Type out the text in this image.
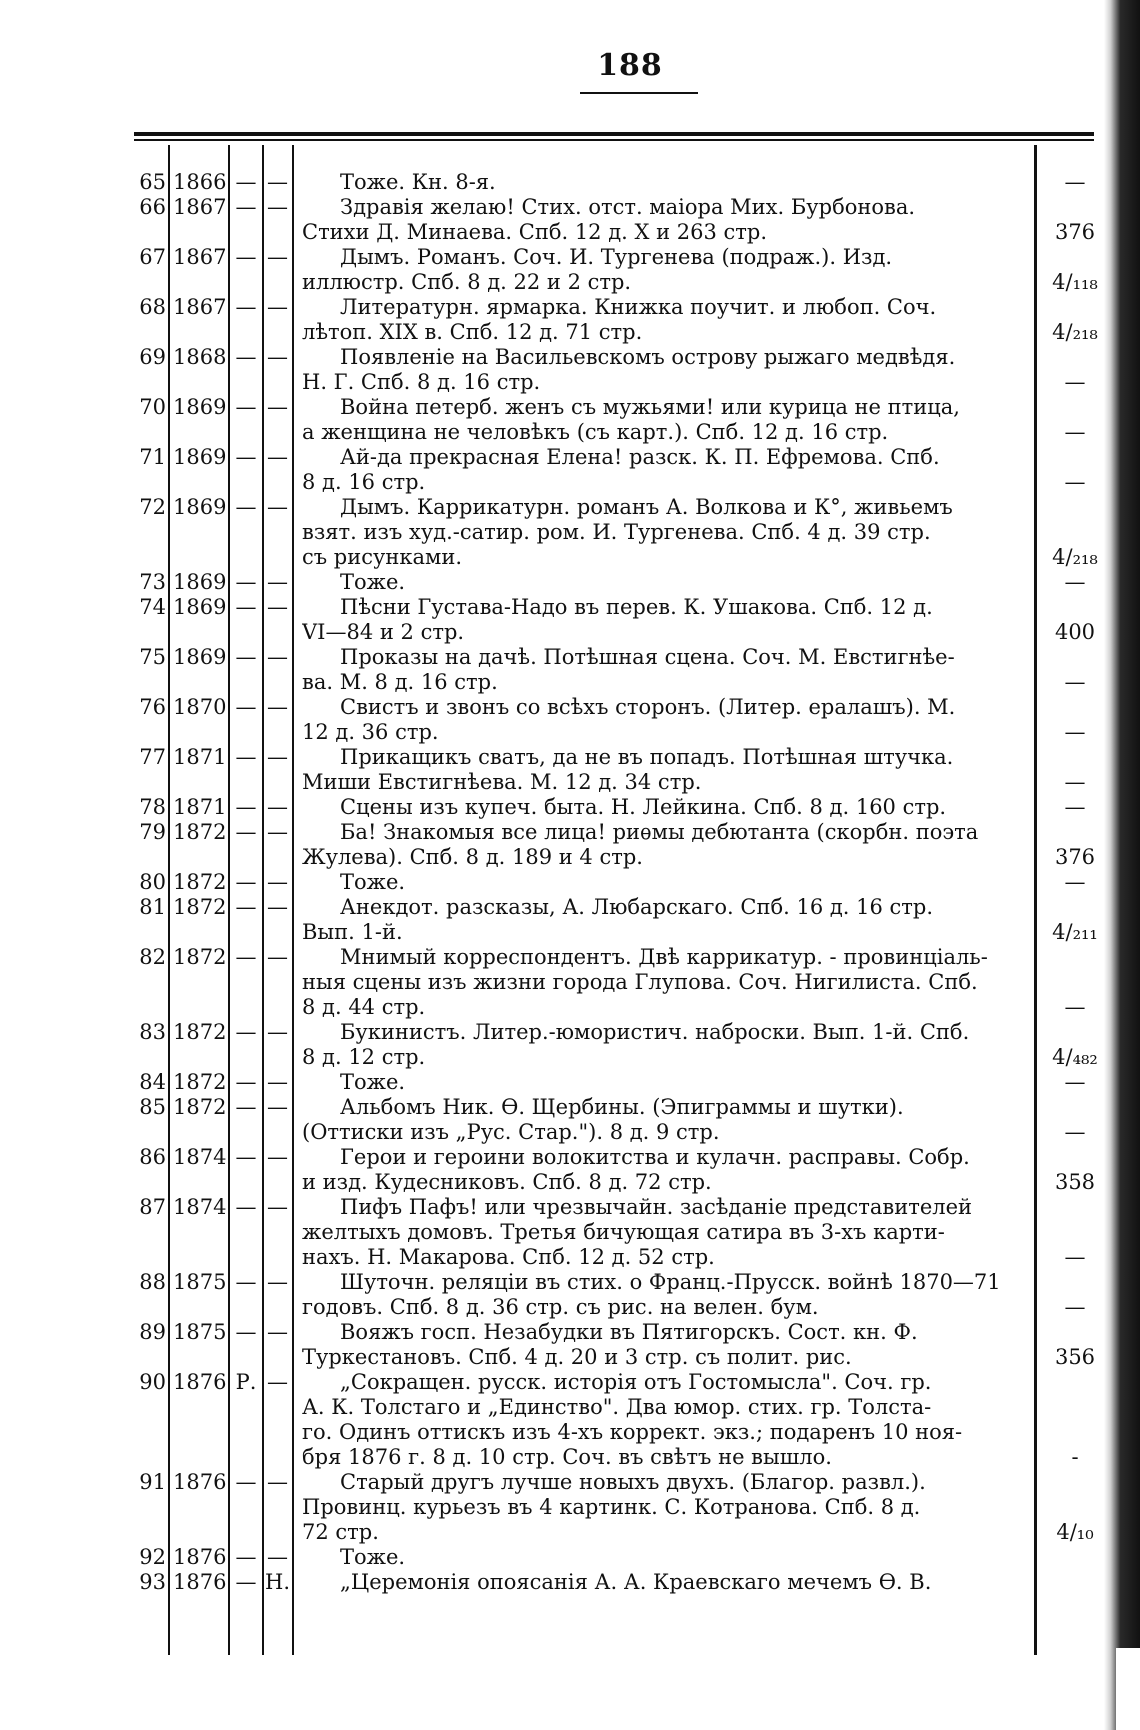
188
65 1866 — —	Тоже. Кн. 8-я.	—
66 1867 — —	Здравія желаю! Стих. отст. маіора Мих. Бурбонова.
Стихи Д. Минаева. Спб. 12 д. X и 263 стр.	376
67 1867 — —	Дымъ. Романъ. Соч. И. Тургенева (подраж.). Изд.
иллюстр. Спб. 8 д. 22 и 2 стр.	4/₁₁₈
68 1867 — —	Литературн. ярмарка. Книжка поучит. и любоп. Соч.
лѣтоп. XIX в. Спб. 12 д. 71 стр.	4/₂₁₈
69 1868 — —	Появленіе на Васильевскомъ островy рыжаго медвѣдя.
Н. Г. Спб. 8 д. 16 стр.	—
70 1869 — —	Война петерб. женъ съ мужьями! или курица не птица,
а женщина не человѣкъ (съ карт.). Спб. 12 д. 16 стр.	—
71 1869 — —	Ай-да прекрасная Елена! разск. К. П. Ефремова. Спб.
8 д. 16 стр.	—
72 1869 — —	Дымъ. Каррикатурн. романъ А. Волкова и К°, живьемъ
взят. изъ худ.-сатир. ром. И. Тургенева. Спб. 4 д. 39 стр.
съ рисунками.	4/₂₁₈
73 1869 — —	Тоже.	—
74 1869 — —	Пѣсни Густава-Надо въ перев. К. Ушакова. Спб. 12 д.
VI—84 и 2 стр.	400
75 1869 — —	Проказы на дачѣ. Потѣшная сцена. Соч. М. Евстигнѣе-
ва. М. 8 д. 16 стр.	—
76 1870 — —	Свистъ и звонъ со всѣхъ сторонъ. (Литер. ералашъ). М.
12 д. 36 стр.	—
77 1871 — —	Прикащикъ сватъ, да не въ попадъ. Потѣшная штучка.
Миши Евстигнѣева. М. 12 д. 34 стр.	—
78 1871 — —	Сцены изъ купеч. быта. Н. Лейкина. Спб. 8 д. 160 стр.	—
79 1872 — —	Ба! Знакомыя все лица! риѳмы дебютанта (скорбн. поэта
Жулева). Спб. 8 д. 189 и 4 стр.	376
80 1872 — —	Тоже.	—
81 1872 — —	Анекдот. разсказы, А. Любарскаго. Спб. 16 д. 16 стр.
Вып. 1-й.	4/₂₁₁
82 1872 — —	Мнимый корреспондентъ. Двѣ каррикатур. - провинціаль-
ныя сцены изъ жизни города Глупова. Соч. Нигилиста. Спб.
8 д. 44 стр.	—
83 1872 — —	Букинистъ. Литер.-юмористич. наброски. Вып. 1-й. Спб.
8 д. 12 стр.	4/₄₈₂
84 1872 — —	Тоже.	—
85 1872 — —	Альбомъ Ник. Ѳ. Щербины. (Эпиграммы и шутки).
(Оттиски изъ „Рус. Стар."). 8 д. 9 стр.	—
86 1874 — —	Герои и героини волокитства и кулачн. расправы. Собр.
и изд. Кудесниковъ. Спб. 8 д. 72 стр.	358
87 1874 — —	Пифъ Пафъ! или чрезвычайн. засѣданіе представителей
желтыхъ домовъ. Третья бичующая сатира въ 3-хъ карти-
нахъ. Н. Макарова. Спб. 12 д. 52 стр.	—
88 1875 — —	Шуточн. реляціи въ стих. о Франц.-Прусск. войнѣ 1870—71
годовъ. Спб. 8 д. 36 стр. съ рис. на велен. бум.	—
89 1875 — —	Вояжъ госп. Незабудки въ Пятигорскъ. Сост. кн. Ф.
Туркестановъ. Спб. 4 д. 20 и 3 стр. съ полит. рис.	356
90 1876 Р. —	„Сокращен. русск. исторія отъ Гостомысла". Соч. гр.
А. К. Толстаго и „Единство". Два юмор. стих. гр. Толста-
го. Одинъ оттискъ изъ 4-хъ коррект. экз.; подаренъ 10 ноя-
бря 1876 г. 8 д. 10 стр. Соч. въ свѣтъ не вышло.	-
91 1876 — —	Старый другъ лучше новыхъ двухъ. (Благор. развл.).
Провинц. курьезъ въ 4 картинк. С. Котранова. Спб. 8 д.
72 стр.	4/₁₀
92 1876 — —	Тоже.
93 1876 — Н.	„Церемонія опоясанія А. А. Краевскаго мечемъ Ѳ. В.
